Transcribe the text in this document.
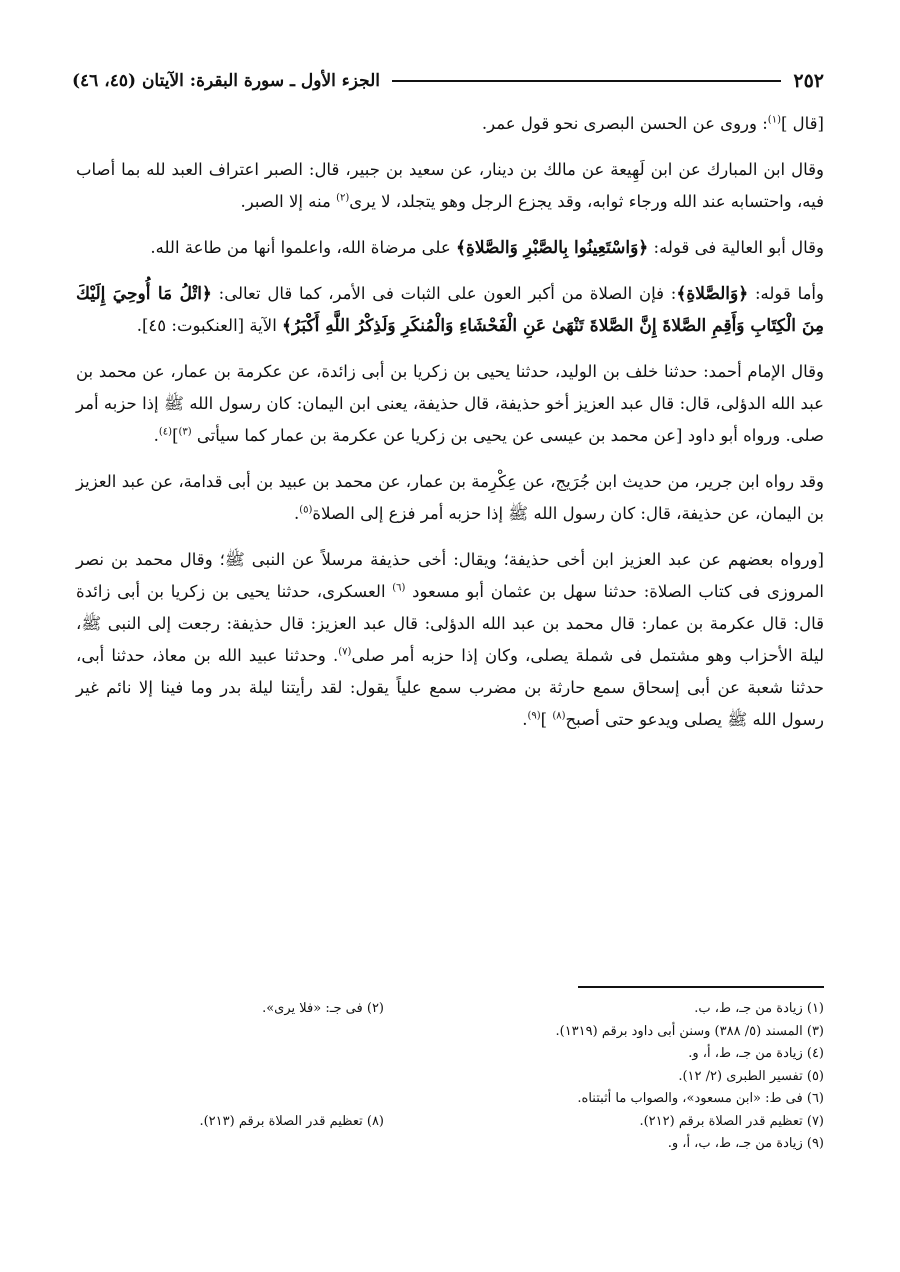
٢٥٢
الجزء الأول ـ سورة البقرة: الآيتان (٤٥، ٤٦)

[قال ]$^{(١)}$: وروى عن الحسن البصرى نحو قول عمر.

وقال ابن المبارك عن ابن لَهِيعة عن مالك بن دينار، عن سعيد بن جبير، قال: الصبر اعتراف العبد لله بما أصاب فيه، واحتسابه عند الله ورجاء ثوابه، وقد يجزع الرجل وهو يتجلد، لا يرى$^{(٢)}$ منه إلا الصبر.

وقال أبو العالية فى قوله: ﴿وَاسْتَعِينُوا بِالصَّبْرِ وَالصَّلاةِ﴾ على مرضاة الله، واعلموا أنها من طاعة الله.

وأما قوله: ﴿وَالصَّلاةِ﴾: فإن الصلاة من أكبر العون على الثبات فى الأمر، كما قال تعالى: ﴿اتْلُ مَا أُوحِيَ إِلَيْكَ مِنَ الْكِتَابِ وَأَقِمِ الصَّلاةَ إِنَّ الصَّلاةَ تَنْهَىٰ عَنِ الْفَحْشَاءِ وَالْمُنكَرِ وَلَذِكْرُ اللَّهِ أَكْبَرُ﴾ الآية [العنكبوت: ٤٥].

وقال الإمام أحمد: حدثنا خلف بن الوليد، حدثنا يحيى بن زكريا بن أبى زائدة، عن عكرمة بن عمار، عن محمد بن عبد الله الدؤلى، قال: قال عبد العزيز أخو حذيفة، قال حذيفة، يعنى ابن اليمان: كان رسول الله ﷺ إذا حزبه أمر صلى. ورواه أبو داود [عن محمد بن عيسى عن يحيى بن زكريا عن عكرمة بن عمار كما سيأتى $^{(٣)}$]$^{(٤)}$.

وقد رواه ابن جرير، من حديث ابن جُرَيج، عن عِكْرِمة بن عمار، عن محمد بن عبيد بن أبى قدامة، عن عبد العزيز بن اليمان، عن حذيفة، قال: كان رسول الله ﷺ إذا حزبه أمر فزع إلى الصلاة$^{(٥)}$.

[ورواه بعضهم عن عبد العزيز ابن أخى حذيفة؛ ويقال: أخى حذيفة مرسلاً عن النبى ﷺ؛ وقال محمد بن نصر المروزى فى كتاب الصلاة: حدثنا سهل بن عثمان أبو مسعود $^{(٦)}$ العسكرى، حدثنا يحيى بن زكريا بن أبى زائدة قال: قال عكرمة بن عمار: قال محمد بن عبد الله الدؤلى: قال عبد العزيز: قال حذيفة: رجعت إلى النبى ﷺ، ليلة الأحزاب وهو مشتمل فى شملة يصلى، وكان إذا حزبه أمر صلى$^{(٧)}$. وحدثنا عبيد الله بن معاذ، حدثنا أبى، حدثنا شعبة عن أبى إسحاق سمع حارثة بن مضرب سمع علياً يقول: لقد رأيتنا ليلة بدر وما فينا إلا نائم غير رسول الله ﷺ يصلى ويدعو حتى أصبح$^{(٨)}$ ]$^{(٩)}$.

(١) زيادة من جـ، ط، ب.
(٢) فى جـ: «فلا يرى».
(٣) المسند (٥/ ٣٨٨) وسنن أبى داود برقم (١٣١٩).
(٤) زيادة من جـ، ط، أ، و.
(٥) تفسير الطبرى (٢/ ١٢).
(٦) فى ط: «ابن مسعود»، والصواب ما أثبتناه.
(٧) تعظيم قدر الصلاة برقم (٢١٢).
(٨) تعظيم قدر الصلاة برقم (٢١٣).
(٩) زيادة من جـ، ط، ب، أ، و.
